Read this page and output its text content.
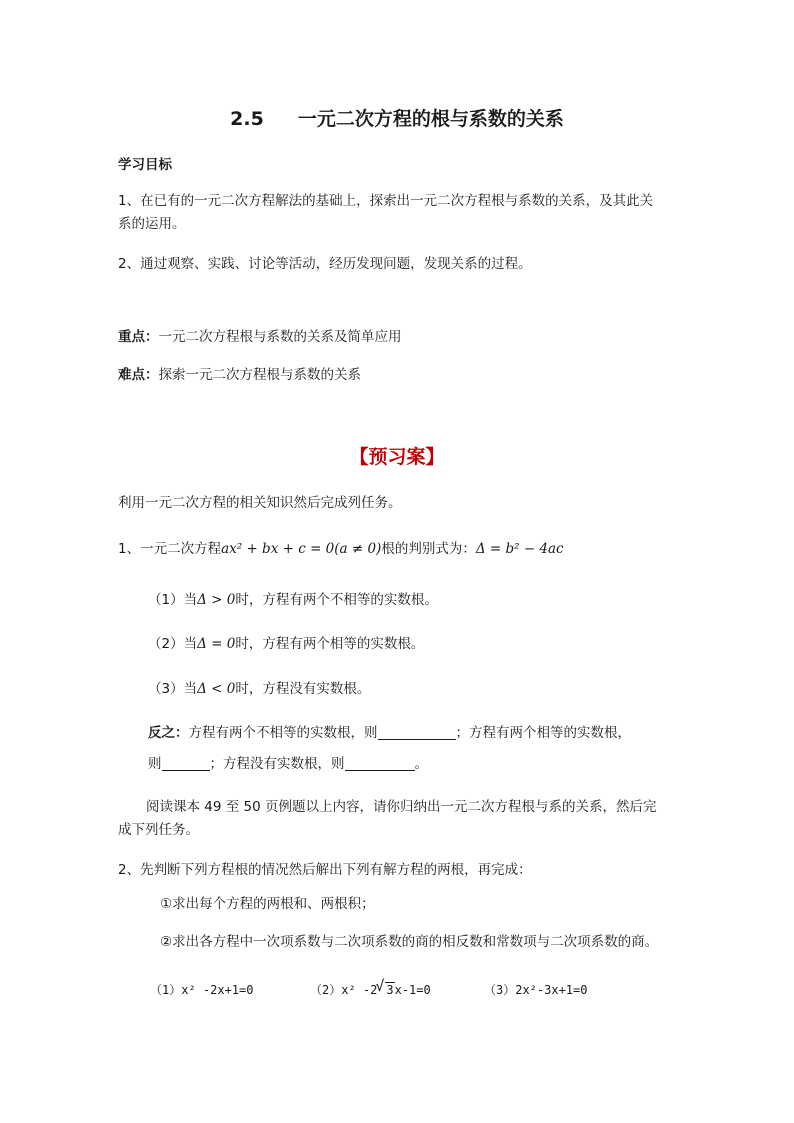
2.5 一元二次方程的根与系数的关系
学习目标
1、在已有的一元二次方程解法的基础上，探索出一元二次方程根与系数的关系，及其此关
系的运用。
2、通过观察、实践、讨论等活动，经历发现问题，发现关系的过程。
重点：一元二次方程根与系数的关系及简单应用
难点：探索一元二次方程根与系数的关系
【预习案】
利用一元二次方程的相关知识然后完成列任务。
1、一元二次方程ax² + bx + c = 0(a ≠ 0)根的判别式为：Δ = b² − 4ac
（1）当Δ > 0时，方程有两个不相等的实数根。
（2）当Δ = 0时，方程有两个相等的实数根。
（3）当Δ < 0时，方程没有实数根。
反之：方程有两个不相等的实数根，则	；方程有两个相等的实数根，
则	；方程没有实数根，则	。
阅读课本 49 至 50 页例题以上内容，请你归纳出一元二次方程根与系的关系，然后完
成下列任务。
2、先判断下列方程根的情况然后解出下列有解方程的两根，再完成：
①求出每个方程的两根和、两根积；
②求出各方程中一次项系数与二次项系数的商的相反数和常数项与二次项系数的商。
（1）x² -2x+1=0	（2）x² -2√ 3x-1=0	（3）2x²-3x+1=0
